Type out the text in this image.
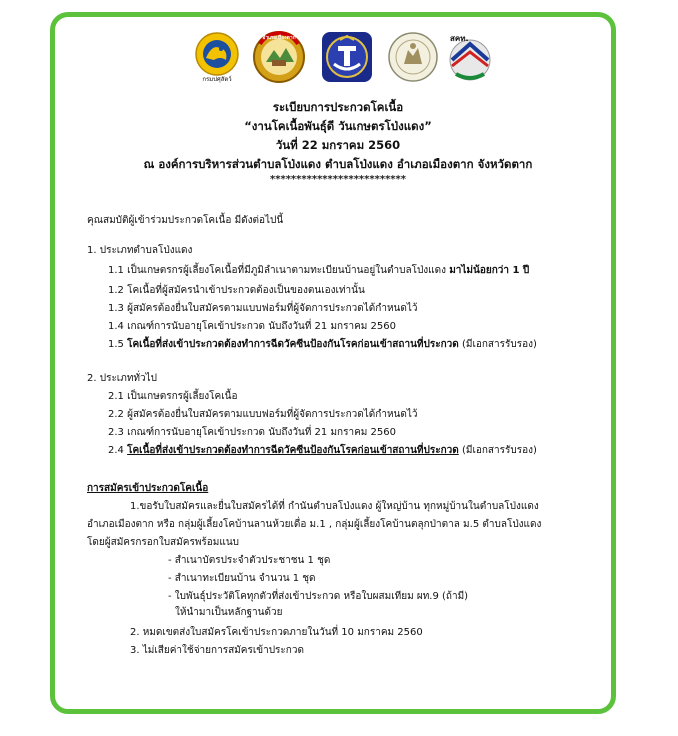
กรมปศุสัตว์
อำเภอเมืองตาก	สคท.
ระเบียบการประกวดโคเนื้อ
“งานโคเนื้อพันธุ์ดี วันเกษตรโป่งแดง”
วันที่ 22 มกราคม 2560
ณ องค์การบริหารส่วนตำบลโป่งแดง ตำบลโป่งแดง อำเภอเมืองตาก จังหวัดตาก
**************************
คุณสมบัติผู้เข้าร่วมประกวดโคเนื้อ มีดังต่อไปนี้
1. ประเภทตำบลโป่งแดง
1.1 เป็นเกษตรกรผู้เลี้ยงโคเนื้อที่มีภูมิลำเนาตามทะเบียนบ้านอยู่ในตำบลโป่งแดง มาไม่น้อยกว่า 1 ปี
1.2 โคเนื้อที่ผู้สมัครนำเข้าประกวดต้องเป็นของตนเองเท่านั้น
1.3 ผู้สมัครต้องยื่นใบสมัครตามแบบฟอร์มที่ผู้จัดการประกวดได้กำหนดไว้
1.4 เกณฑ์การนับอายุโคเข้าประกวด นับถึงวันที่ 21 มกราคม 2560
1.5 โคเนื้อที่ส่งเข้าประกวดต้องทำการฉีดวัคซีนป้องกันโรคก่อนเข้าสถานที่ประกวด (มีเอกสารรับรอง)
2. ประเภททั่วไป
2.1 เป็นเกษตรกรผู้เลี้ยงโคเนื้อ
2.2 ผู้สมัครต้องยื่นใบสมัครตามแบบฟอร์มที่ผู้จัดการประกวดได้กำหนดไว้
2.3 เกณฑ์การนับอายุโคเข้าประกวด นับถึงวันที่ 21 มกราคม 2560
2.4 โคเนื้อที่ส่งเข้าประกวดต้องทำการฉีดวัคซีนป้องกันโรคก่อนเข้าสถานที่ประกวด (มีเอกสารรับรอง)
การสมัครเข้าประกวดโคเนื้อ
1.ขอรับใบสมัครและยื่นใบสมัครได้ที่ กำนันตำบลโป่งแดง ผู้ใหญ่บ้าน ทุกหมู่บ้านในตำบลโป่งแดง
อำเภอเมืองตาก หรือ กลุ่มผู้เลี้ยงโคบ้านลานห้วยเดื่อ ม.1 , กลุ่มผู้เลี้ยงโคบ้านตลุกป่าตาล ม.5 ตำบลโป่งแดง
โดยผู้สมัครกรอกใบสมัครพร้อมแนบ
- สำเนาบัตรประจำตัวประชาชน 1 ชุด
- สำเนาทะเบียนบ้าน จำนวน 1 ชุด
- ใบพันธุ์ประวัติโคทุกตัวที่ส่งเข้าประกวด หรือใบผสมเทียม ผท.9 (ถ้ามี)
ให้นำมาเป็นหลักฐานด้วย
2. หมดเขตส่งใบสมัครโคเข้าประกวดภายในวันที่ 10 มกราคม 2560
3. ไม่เสียค่าใช้จ่ายการสมัครเข้าประกวด
